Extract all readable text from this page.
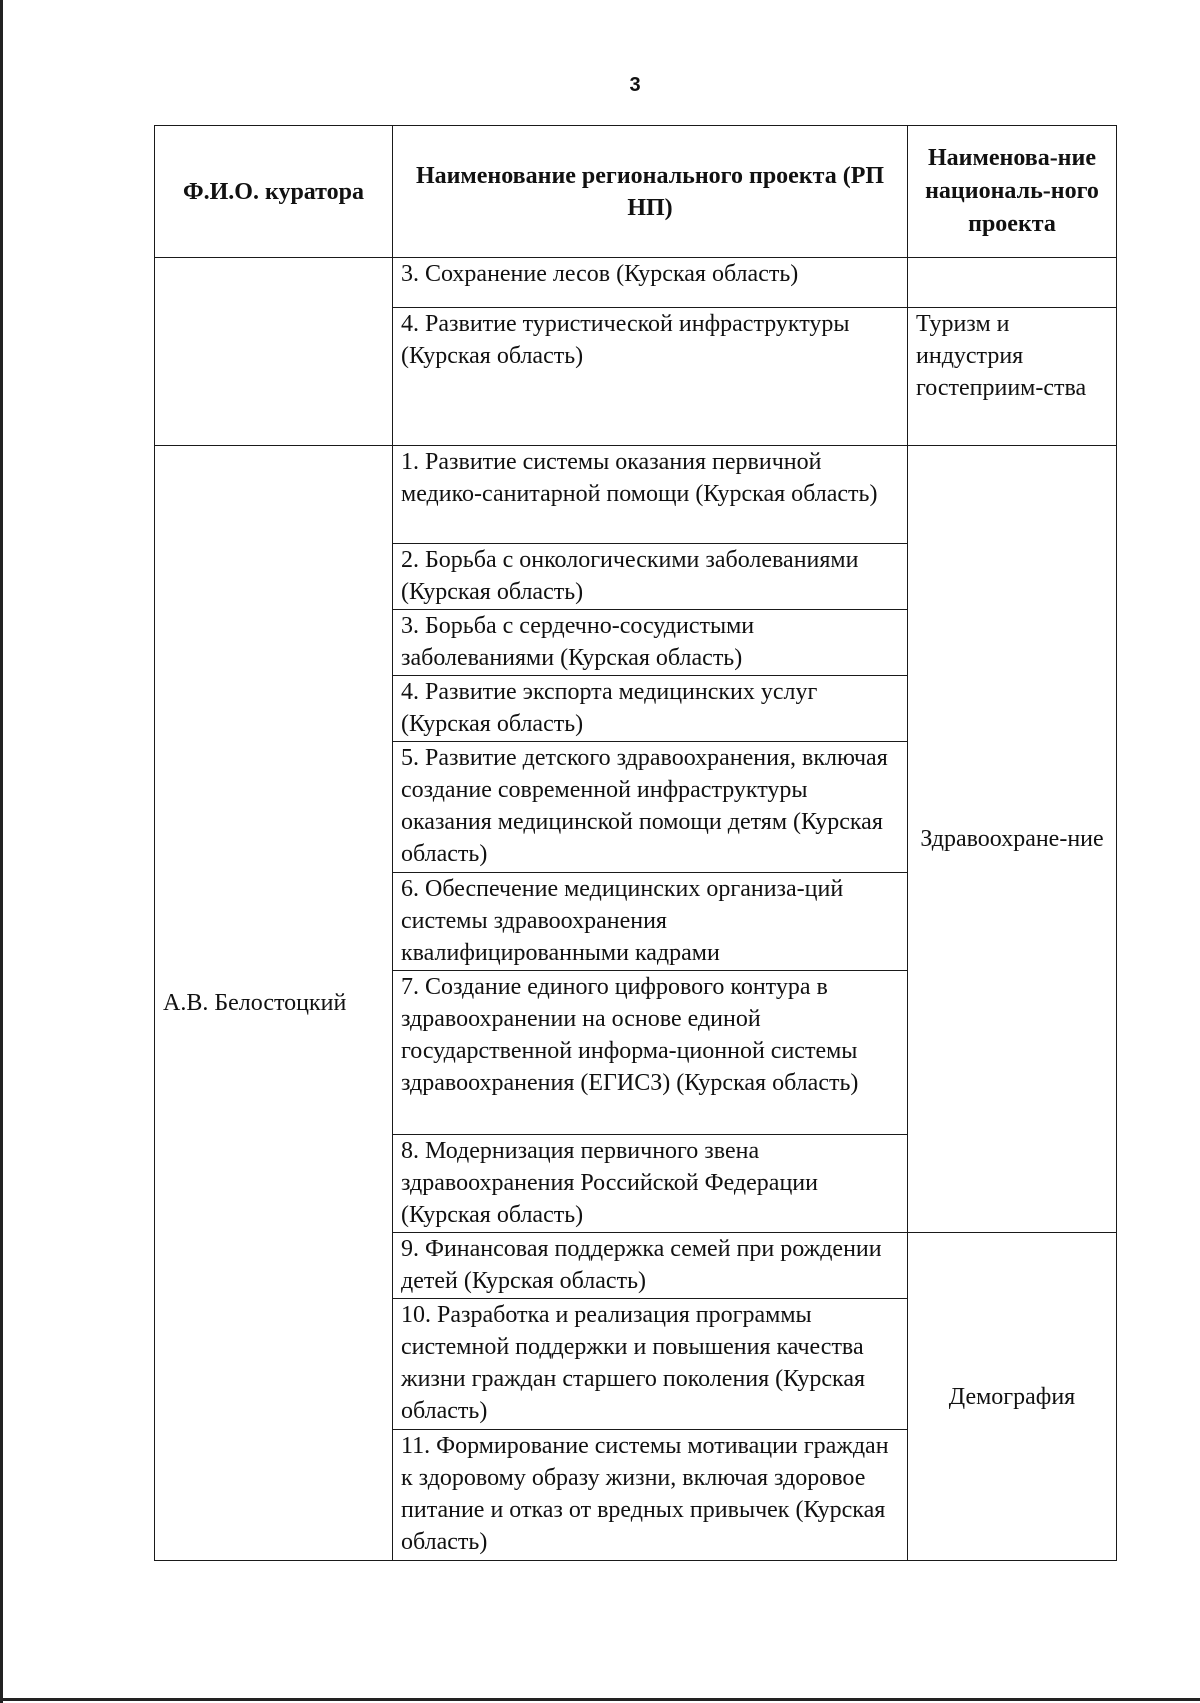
3
Ф.И.О. куратора	Наименование регионального проекта (РП НП)	Наименова-ние националь-ного проекта
	3. Сохранение лесов (Курская область)	
	4. Развитие туристической инфраструктуры (Курская область)	Туризм и индустрия гостеприим-ства
А.В. Белостоцкий	1. Развитие системы оказания первичной медико-санитарной помощи (Курская область)	Здравоохране-ние
	2. Борьба с онкологическими заболеваниями (Курская область)	
	3. Борьба с сердечно-сосудистыми заболеваниями (Курская область)	
	4. Развитие экспорта медицинских услуг (Курская область)	
	5. Развитие детского здравоохранения, включая создание современной инфраструктуры оказания медицинской помощи детям (Курская область)	
	6. Обеспечение медицинских организа-ций системы здравоохранения квалифицированными кадрами	
	7. Создание единого цифрового контура в здравоохранении на основе единой государственной информа-ционной системы здравоохранения (ЕГИСЗ) (Курская область)	
	8. Модернизация первичного звена здравоохранения Российской Федерации (Курская область)	
	9. Финансовая поддержка семей при рождении детей (Курская область)	Демография
	10. Разработка и реализация программы системной поддержки и повышения качества жизни граждан старшего поколения (Курская область)	
	11. Формирование системы мотивации граждан к здоровому образу жизни, включая здоровое питание и отказ от вредных привычек (Курская область)	
